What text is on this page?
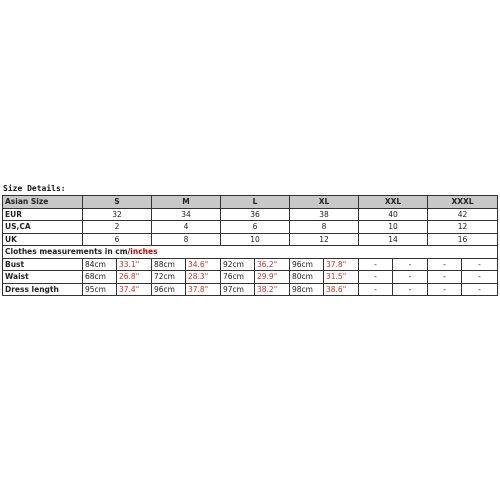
Size Details:
Asian Size	S		M		L		XL		XXL		XXXL	
EUR	32		34		36		38		40		42	
US,CA	2		4		6		8		10		12	
UK	6		8		10		12		14		16	
Clothes measurements in cm/inches												
Bust	84cm	33.1"	88cm	34.6"	92cm	36.2"	96cm	37.8"	-	-	-	-
Waist	68cm	26.8"	72cm	28.3"	76cm	29.9"	80cm	31.5"	-	-	-	-
Dress length	95cm	37.4"	96cm	37.8"	97cm	38.2"	98cm	38.6"	-	-	-	-
